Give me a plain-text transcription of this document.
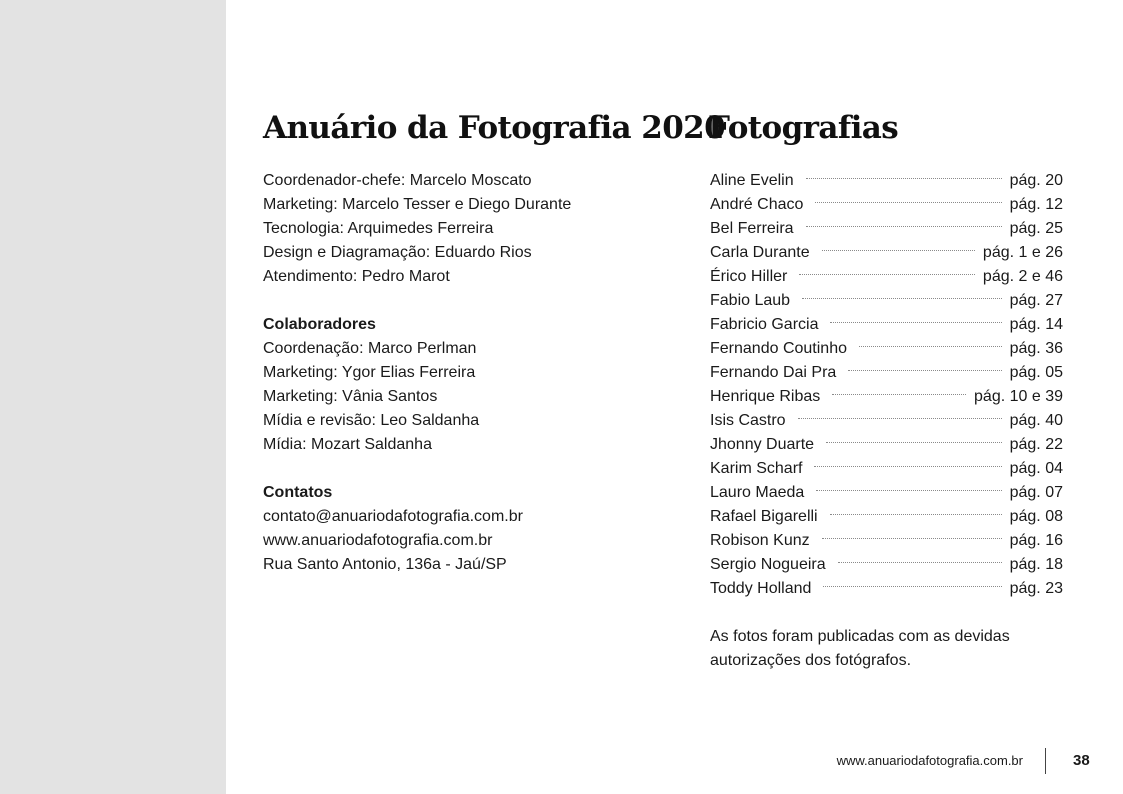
Anuário da Fotografia 2020
Coordenador-chefe: Marcelo Moscato
Marketing: Marcelo Tesser e Diego Durante
Tecnologia: Arquimedes Ferreira
Design e Diagramação: Eduardo Rios
Atendimento: Pedro Marot
Colaboradores
Coordenação: Marco Perlman
Marketing: Ygor Elias Ferreira
Marketing: Vânia Santos
Mídia e revisão: Leo Saldanha
Mídia: Mozart Saldanha
Contatos
contato@anuariodafotografia.com.br
www.anuariodafotografia.com.br
Rua Santo Antonio, 136a - Jaú/SP
Fotografias
Aline Evelin	pág. 20
André Chaco	pág. 12
Bel Ferreira	pág. 25
Carla Durante	pág. 1 e 26
Érico Hiller	pág. 2 e 46
Fabio Laub	pág. 27
Fabricio Garcia	pág. 14
Fernando Coutinho	pág. 36
Fernando Dai Pra	pág. 05
Henrique Ribas	pág. 10 e 39
Isis Castro	pág. 40
Jhonny Duarte	pág. 22
Karim Scharf	pág. 04
Lauro Maeda	pág. 07
Rafael Bigarelli	pág. 08
Robison Kunz	pág. 16
Sergio Nogueira	pág. 18
Toddy Holland	pág. 23
As fotos foram publicadas com as devidas
autorizações dos fotógrafos.
www.anuariodafotografia.com.br	38
